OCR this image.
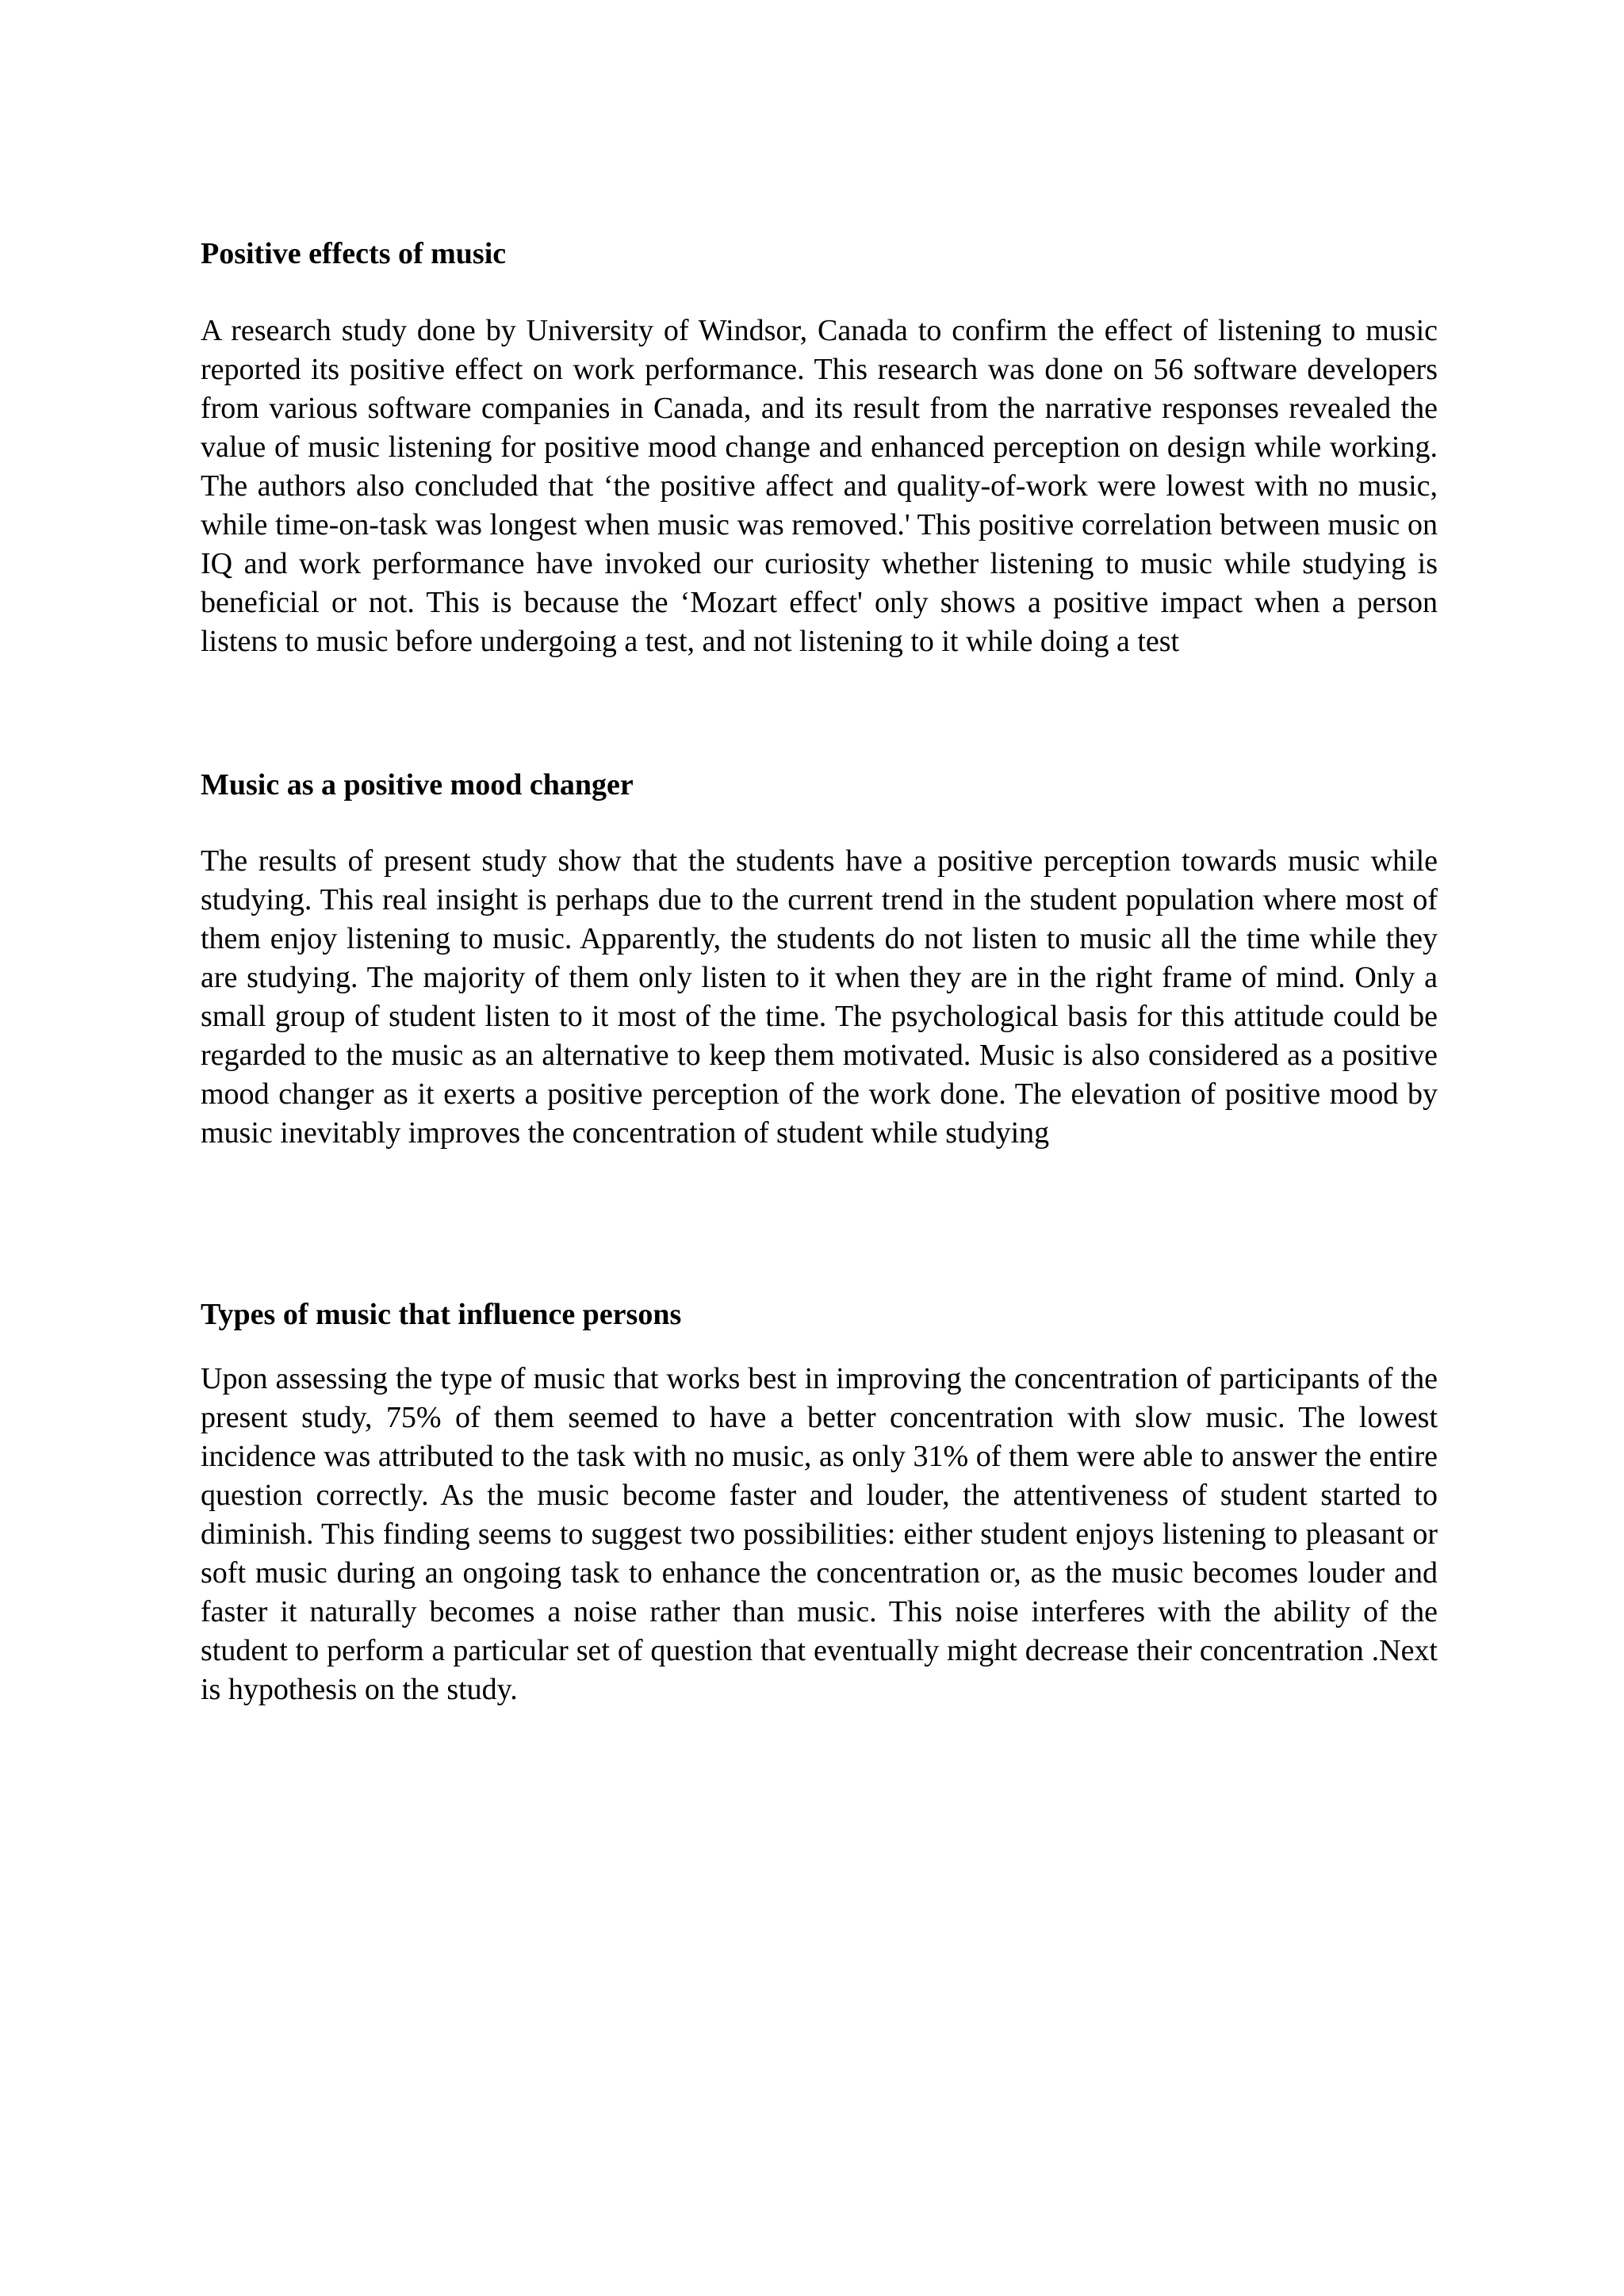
Positive effects of music

A research study done by University of Windsor, Canada to confirm the effect of listening to music reported its positive effect on work performance. This research was done on 56 software developers from various software companies in Canada, and its result from the narrative responses revealed the value of music listening for positive mood change and enhanced perception on design while working. The authors also concluded that ‘the positive affect and quality-of-work were lowest with no music, while time-on-task was longest when music was removed.' This positive correlation between music on IQ and work performance have invoked our curiosity whether listening to music while studying is beneficial or not. This is because the ‘Mozart effect' only shows a positive impact when a person listens to music before undergoing a test, and not listening to it while doing a test

Music as a positive mood changer

The results of present study show that the students have a positive perception towards music while studying. This real insight is perhaps due to the current trend in the student population where most of them enjoy listening to music. Apparently, the students do not listen to music all the time while they are studying. The majority of them only listen to it when they are in the right frame of mind. Only a small group of student listen to it most of the time. The psychological basis for this attitude could be regarded to the music as an alternative to keep them motivated. Music is also considered as a positive mood changer as it exerts a positive perception of the work done. The elevation of positive mood by music inevitably improves the concentration of student while studying

Types of music that influence persons

Upon assessing the type of music that works best in improving the concentration of participants of the present study, 75% of them seemed to have a better concentration with slow music. The lowest incidence was attributed to the task with no music, as only 31% of them were able to answer the entire question correctly. As the music become faster and louder, the attentiveness of student started to diminish. This finding seems to suggest two possibilities: either student enjoys listening to pleasant or soft music during an ongoing task to enhance the concentration or, as the music becomes louder and faster it naturally becomes a noise rather than music. This noise interferes with the ability of the student to perform a particular set of question that eventually might decrease their concentration .Next is hypothesis on the study.
